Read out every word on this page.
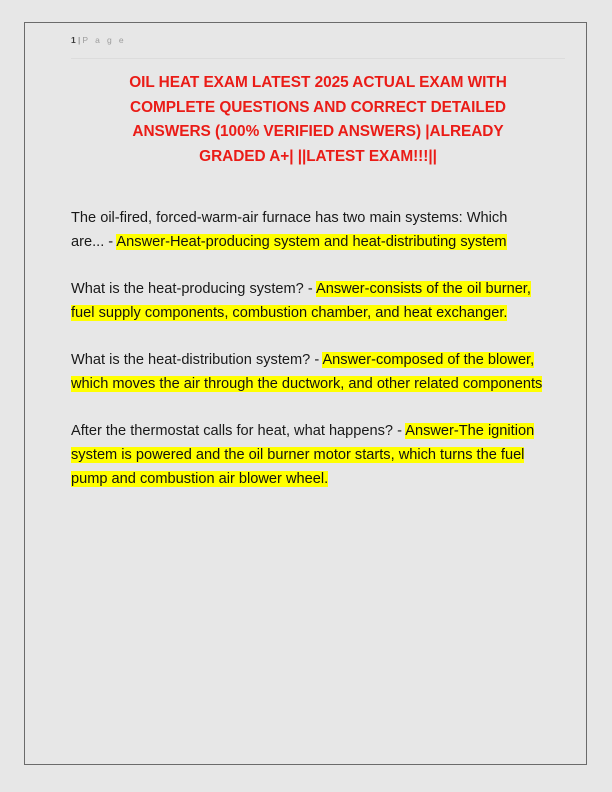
1 | P a g e
OIL HEAT EXAM LATEST 2025 ACTUAL EXAM WITH
COMPLETE QUESTIONS AND CORRECT DETAILED
ANSWERS (100% VERIFIED ANSWERS) |ALREADY
GRADED A+| ||LATEST EXAM!!!||
The oil-fired, forced-warm-air furnace has two main systems: Which are... - Answer-Heat-producing system and heat-distributing system
What is the heat-producing system? - Answer-consists of the oil burner, fuel supply components, combustion chamber, and heat exchanger.
What is the heat-distribution system? - Answer-composed of the blower, which moves the air through the ductwork, and other related components
After the thermostat calls for heat, what happens? - Answer-The ignition system is powered and the oil burner motor starts, which turns the fuel pump and combustion air blower wheel.
